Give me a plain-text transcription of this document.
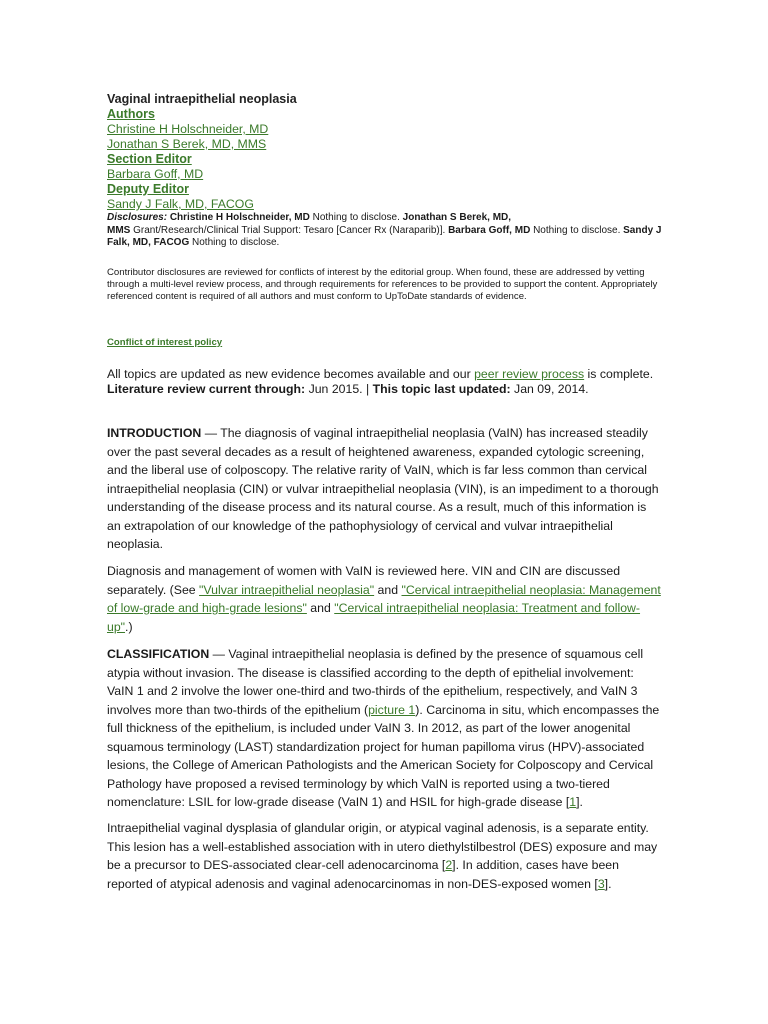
Vaginal intraepithelial neoplasia
Authors
Christine H Holschneider, MD
Jonathan S Berek, MD, MMS
Section Editor
Barbara Goff, MD
Deputy Editor
Sandy J Falk, MD, FACOG
Disclosures: Christine H Holschneider, MD Nothing to disclose. Jonathan S Berek, MD,
MMS Grant/Research/Clinical Trial Support: Tesaro [Cancer Rx (Naraparib)]. Barbara Goff, MD Nothing to disclose. Sandy J Falk, MD, FACOG Nothing to disclose.
Contributor disclosures are reviewed for conflicts of interest by the editorial group. When found, these are addressed by vetting through a multi-level review process, and through requirements for references to be provided to support the content. Appropriately referenced content is required of all authors and must conform to UpToDate standards of evidence.
Conflict of interest policy
All topics are updated as new evidence becomes available and our peer review process is complete.
Literature review current through: Jun 2015. | This topic last updated: Jan 09, 2014.

INTRODUCTION — The diagnosis of vaginal intraepithelial neoplasia (VaIN) has increased steadily over the past several decades as a result of heightened awareness, expanded cytologic screening, and the liberal use of colposcopy. The relative rarity of VaIN, which is far less common than cervical intraepithelial neoplasia (CIN) or vulvar intraepithelial neoplasia (VIN), is an impediment to a thorough understanding of the disease process and its natural course. As a result, much of this information is an extrapolation of our knowledge of the pathophysiology of cervical and vulvar intraepithelial neoplasia.

Diagnosis and management of women with VaIN is reviewed here. VIN and CIN are discussed separately. (See "Vulvar intraepithelial neoplasia" and "Cervical intraepithelial neoplasia: Management of low-grade and high-grade lesions" and "Cervical intraepithelial neoplasia: Treatment and follow-up".)

CLASSIFICATION — Vaginal intraepithelial neoplasia is defined by the presence of squamous cell atypia without invasion. The disease is classified according to the depth of epithelial involvement: VaIN 1 and 2 involve the lower one-third and two-thirds of the epithelium, respectively, and VaIN 3 involves more than two-thirds of the epithelium (picture 1). Carcinoma in situ, which encompasses the full thickness of the epithelium, is included under VaIN 3. In 2012, as part of the lower anogenital squamous terminology (LAST) standardization project for human papilloma virus (HPV)-associated lesions, the College of American Pathologists and the American Society for Colposcopy and Cervical Pathology have proposed a revised terminology by which VaIN is reported using a two-tiered nomenclature: LSIL for low-grade disease (VaIN 1) and HSIL for high-grade disease [1].

Intraepithelial vaginal dysplasia of glandular origin, or atypical vaginal adenosis, is a separate entity. This lesion has a well-established association with in utero diethylstilbestrol (DES) exposure and may be a precursor to DES-associated clear-cell adenocarcinoma [2]. In addition, cases have been reported of atypical adenosis and vaginal adenocarcinomas in non-DES-exposed women [3].
